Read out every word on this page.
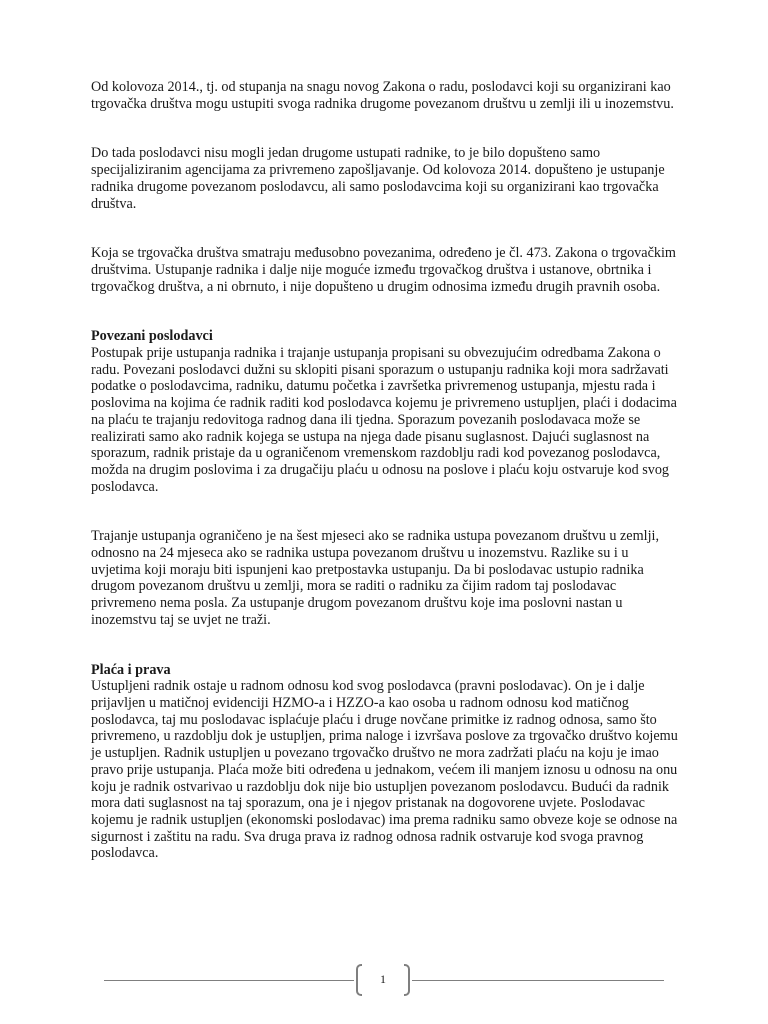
Od kolovoza 2014., tj. od stupanja na snagu novog Zakona o radu, poslodavci koji su organizirani kao trgovačka društva mogu ustupiti svoga radnika drugome povezanom društvu u zemlji ili u inozemstvu.

Do tada poslodavci nisu mogli jedan drugome ustupati radnike, to je bilo dopušteno samo specijaliziranim agencijama za privremeno zapošljavanje. Od kolovoza 2014. dopušteno je ustupanje radnika drugome povezanom poslodavcu, ali samo poslodavcima koji su organizirani kao trgovačka društva.

Koja se trgovačka društva smatraju međusobno povezanima, određeno je čl. 473. Zakona o trgovačkim društvima. Ustupanje radnika i dalje nije moguće između trgovačkog društva i ustanove, obrtnika i trgovačkog društva, a ni obrnuto, i nije dopušteno u drugim odnosima između drugih pravnih osoba.

Povezani poslodavci
Postupak prije ustupanja radnika i trajanje ustupanja propisani su obvezujućim odredbama Zakona o radu. Povezani poslodavci dužni su sklopiti pisani sporazum o ustupanju radnika koji mora sadržavati podatke o poslodavcima, radniku, datumu početka i završetka privremenog ustupanja, mjestu rada i poslovima na kojima će radnik raditi kod poslodavca kojemu je privremeno ustupljen, plaći i dodacima na plaću te trajanju redovitoga radnog dana ili tjedna. Sporazum povezanih poslodavaca može se realizirati samo ako radnik kojega se ustupa na njega dade pisanu suglasnost. Dajući suglasnost na sporazum, radnik pristaje da u ograničenom vremenskom razdoblju radi kod povezanog poslodavca, možda na drugim poslovima i za drugačiju plaću u odnosu na poslove i plaću koju ostvaruje kod svog poslodavca.

Trajanje ustupanja ograničeno je na šest mjeseci ako se radnika ustupa povezanom društvu u zemlji, odnosno na 24 mjeseca ako se radnika ustupa povezanom društvu u inozemstvu. Razlike su i u uvjetima koji moraju biti ispunjeni kao pretpostavka ustupanju. Da bi poslodavac ustupio radnika drugom povezanom društvu u zemlji, mora se raditi o radniku za čijim radom taj poslodavac privremeno nema posla. Za ustupanje drugom povezanom društvu koje ima poslovni nastan u inozemstvu taj se uvjet ne traži.

Plaća i prava
Ustupljeni radnik ostaje u radnom odnosu kod svog poslodavca (pravni poslodavac). On je i dalje prijavljen u matičnoj evidenciji HZMO-a i HZZO-a kao osoba u radnom odnosu kod matičnog poslodavca, taj mu poslodavac isplaćuje plaću i druge novčane primitke iz radnog odnosa, samo što privremeno, u razdoblju dok je ustupljen, prima naloge i izvršava poslove za trgovačko društvo kojemu je ustupljen. Radnik ustupljen u povezano trgovačko društvo ne mora zadržati plaću na koju je imao pravo prije ustupanja. Plaća može biti određena u jednakom, većem ili manjem iznosu u odnosu na onu koju je radnik ostvarivao u razdoblju dok nije bio ustupljen povezanom poslodavcu. Budući da radnik mora dati suglasnost na taj sporazum, ona je i njegov pristanak na dogovorene uvjete. Poslodavac kojemu je radnik ustupljen (ekonomski poslodavac) ima prema radniku samo obveze koje se odnose na sigurnost i zaštitu na radu. Sva druga prava iz radnog odnosa radnik ostvaruje kod svoga pravnog poslodavca.

1
